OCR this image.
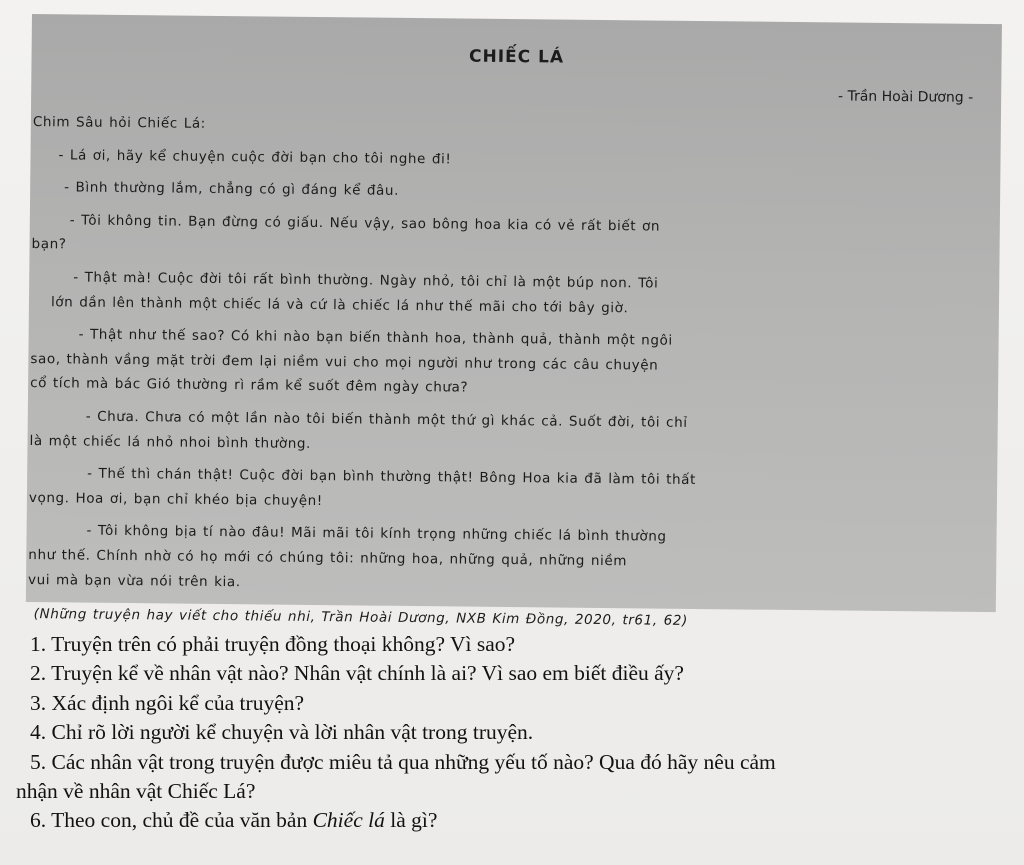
CHIẾC LÁ
- Trần Hoài Dương -
Chim Sâu hỏi Chiếc Lá:
- Lá ơi, hãy kể chuyện cuộc đời bạn cho tôi nghe đi!
- Bình thường lắm, chẳng có gì đáng kể đâu.
- Tôi không tin. Bạn đừng có giấu. Nếu vậy, sao bông hoa kia có vẻ rất biết ơn
bạn?
- Thật mà! Cuộc đời tôi rất bình thường. Ngày nhỏ, tôi chỉ là một búp non. Tôi
lớn dần lên thành một chiếc lá và cứ là chiếc lá như thế mãi cho tới bây giờ.
- Thật như thế sao? Có khi nào bạn biến thành hoa, thành quả, thành một ngôi
sao, thành vầng mặt trời đem lại niềm vui cho mọi người như trong các câu chuyện
cổ tích mà bác Gió thường rì rầm kể suốt đêm ngày chưa?
- Chưa. Chưa có một lần nào tôi biến thành một thứ gì khác cả. Suốt đời, tôi chỉ
là một chiếc lá nhỏ nhoi bình thường.
- Thế thì chán thật! Cuộc đời bạn bình thường thật! Bông Hoa kia đã làm tôi thất
vọng. Hoa ơi, bạn chỉ khéo bịa chuyện!
- Tôi không bịa tí nào đâu! Mãi mãi tôi kính trọng những chiếc lá bình thường
như thế. Chính nhờ có họ mới có chúng tôi: những hoa, những quả, những niềm
vui mà bạn vừa nói trên kia.
(Những truyện hay viết cho thiếu nhi, Trần Hoài Dương, NXB Kim Đồng, 2020, tr61, 62)
1. Truyện trên có phải truyện đồng thoại không? Vì sao?
2. Truyện kể về nhân vật nào? Nhân vật chính là ai? Vì sao em biết điều ấy?
3. Xác định ngôi kể của truyện?
4. Chỉ rõ lời người kể chuyện và lời nhân vật trong truyện.
5. Các nhân vật trong truyện được miêu tả qua những yếu tố nào? Qua đó hãy nêu cảm
nhận về nhân vật Chiếc Lá?
6. Theo con, chủ đề của văn bản Chiếc lá là gì?
